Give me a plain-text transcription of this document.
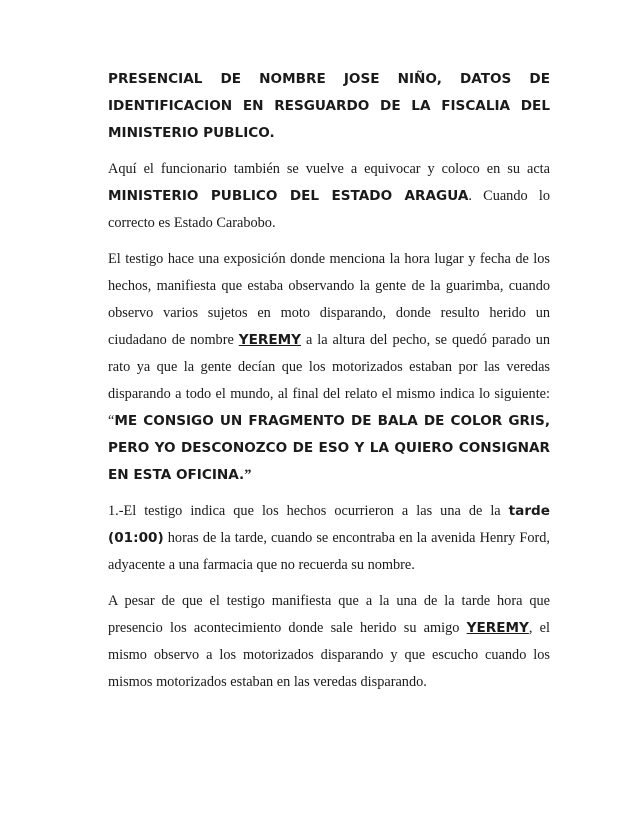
PRESENCIAL DE NOMBRE JOSE NIÑO, DATOS DE IDENTIFICACION EN RESGUARDO DE LA FISCALIA DEL MINISTERIO PUBLICO.

Aquí el funcionario también se vuelve a equivocar y coloco en su acta MINISTERIO PUBLICO DEL ESTADO ARAGUA. Cuando lo correcto es Estado Carabobo.

El testigo hace una exposición donde menciona la hora lugar y fecha de los hechos, manifiesta que estaba observando la gente de la guarimba, cuando observo varios sujetos en moto disparando, donde resulto herido un ciudadano de nombre YEREMY a la altura del pecho, se quedó parado un rato ya que la gente decían que los motorizados estaban por las veredas disparando a todo el mundo, al final del relato el mismo indica lo siguiente: “ME CONSIGO UN FRAGMENTO DE BALA DE COLOR GRIS, PERO YO DESCONOZCO DE ESO Y LA QUIERO CONSIGNAR EN ESTA OFICINA.”

1.-El testigo indica que los hechos ocurrieron a las una de la tarde (01:00) horas de la tarde, cuando se encontraba en la avenida Henry Ford, adyacente a una farmacia que no recuerda su nombre.

A pesar de que el testigo manifiesta que a la una de la tarde hora que presencio los acontecimiento donde sale herido su amigo YEREMY, el mismo observo a los motorizados disparando y que escucho cuando los mismos motorizados estaban en las veredas disparando.
